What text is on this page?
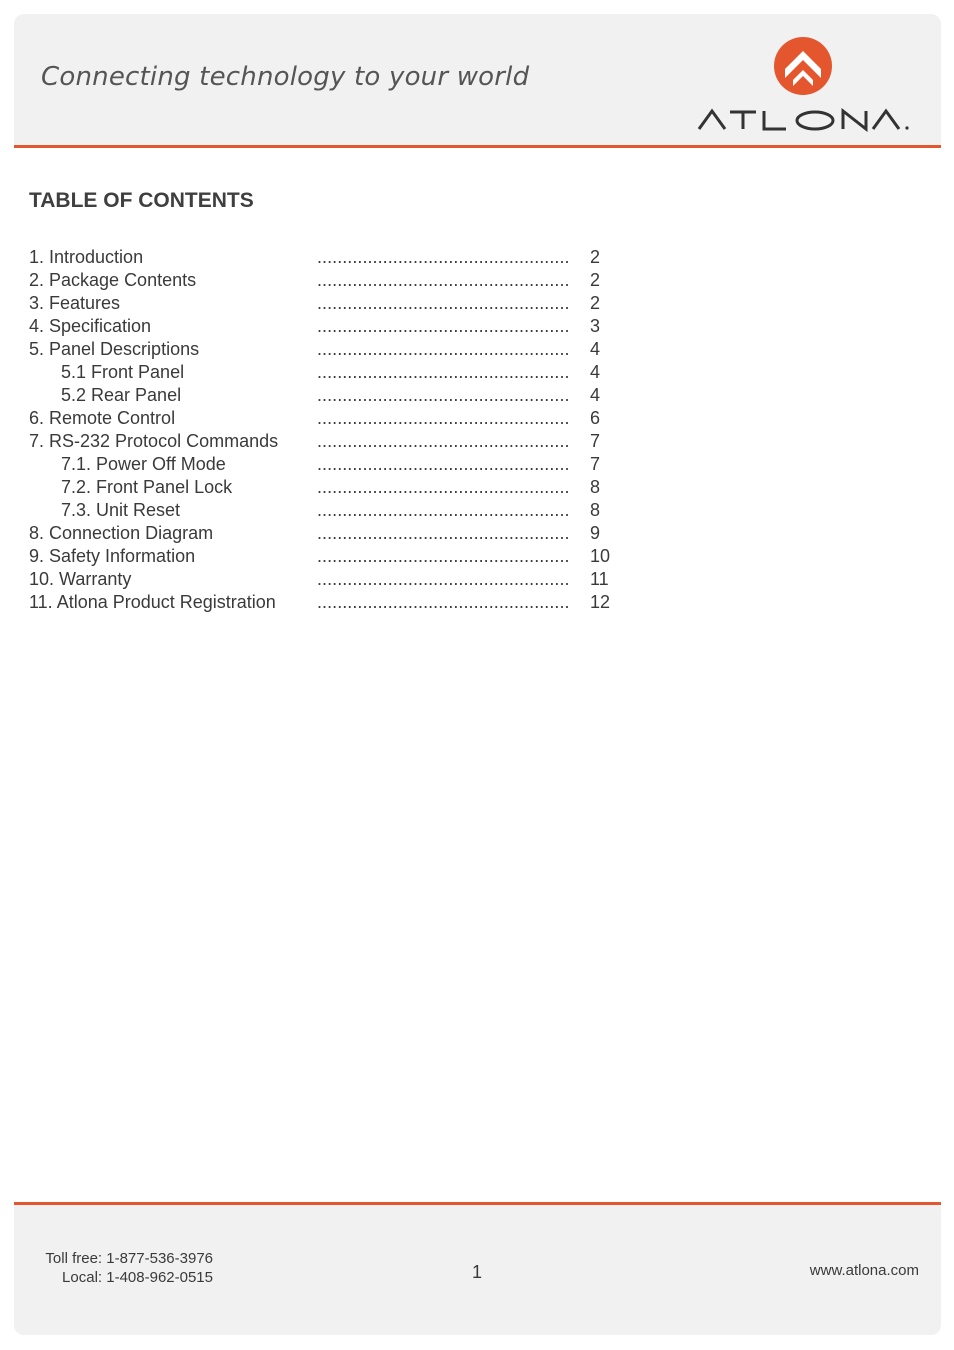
Connecting technology to your world
ATLONA.
TABLE OF CONTENTS
1. Introduction	.................................................. 2
2. Package Contents	.................................................. 2
3. Features	.................................................. 2
4. Specification	.................................................. 3
5. Panel Descriptions	.................................................. 4
5.1 Front Panel	.................................................. 4
5.2 Rear Panel	.................................................. 4
6. Remote Control	.................................................. 6
7. RS-232 Protocol Commands .................................................. 7
7.1. Power Off Mode	.................................................. 7
7.2. Front Panel Lock	.................................................. 8
7.3. Unit Reset	.................................................. 8
8. Connection Diagram	.................................................. 9
9. Safety Information	.................................................. 10
10. Warranty	.................................................. 11
11. Atlona Product Registration .................................................. 12
Toll free: 1-877-536-3976
Local: 1-408-962-0515	1	www.atlona.com
